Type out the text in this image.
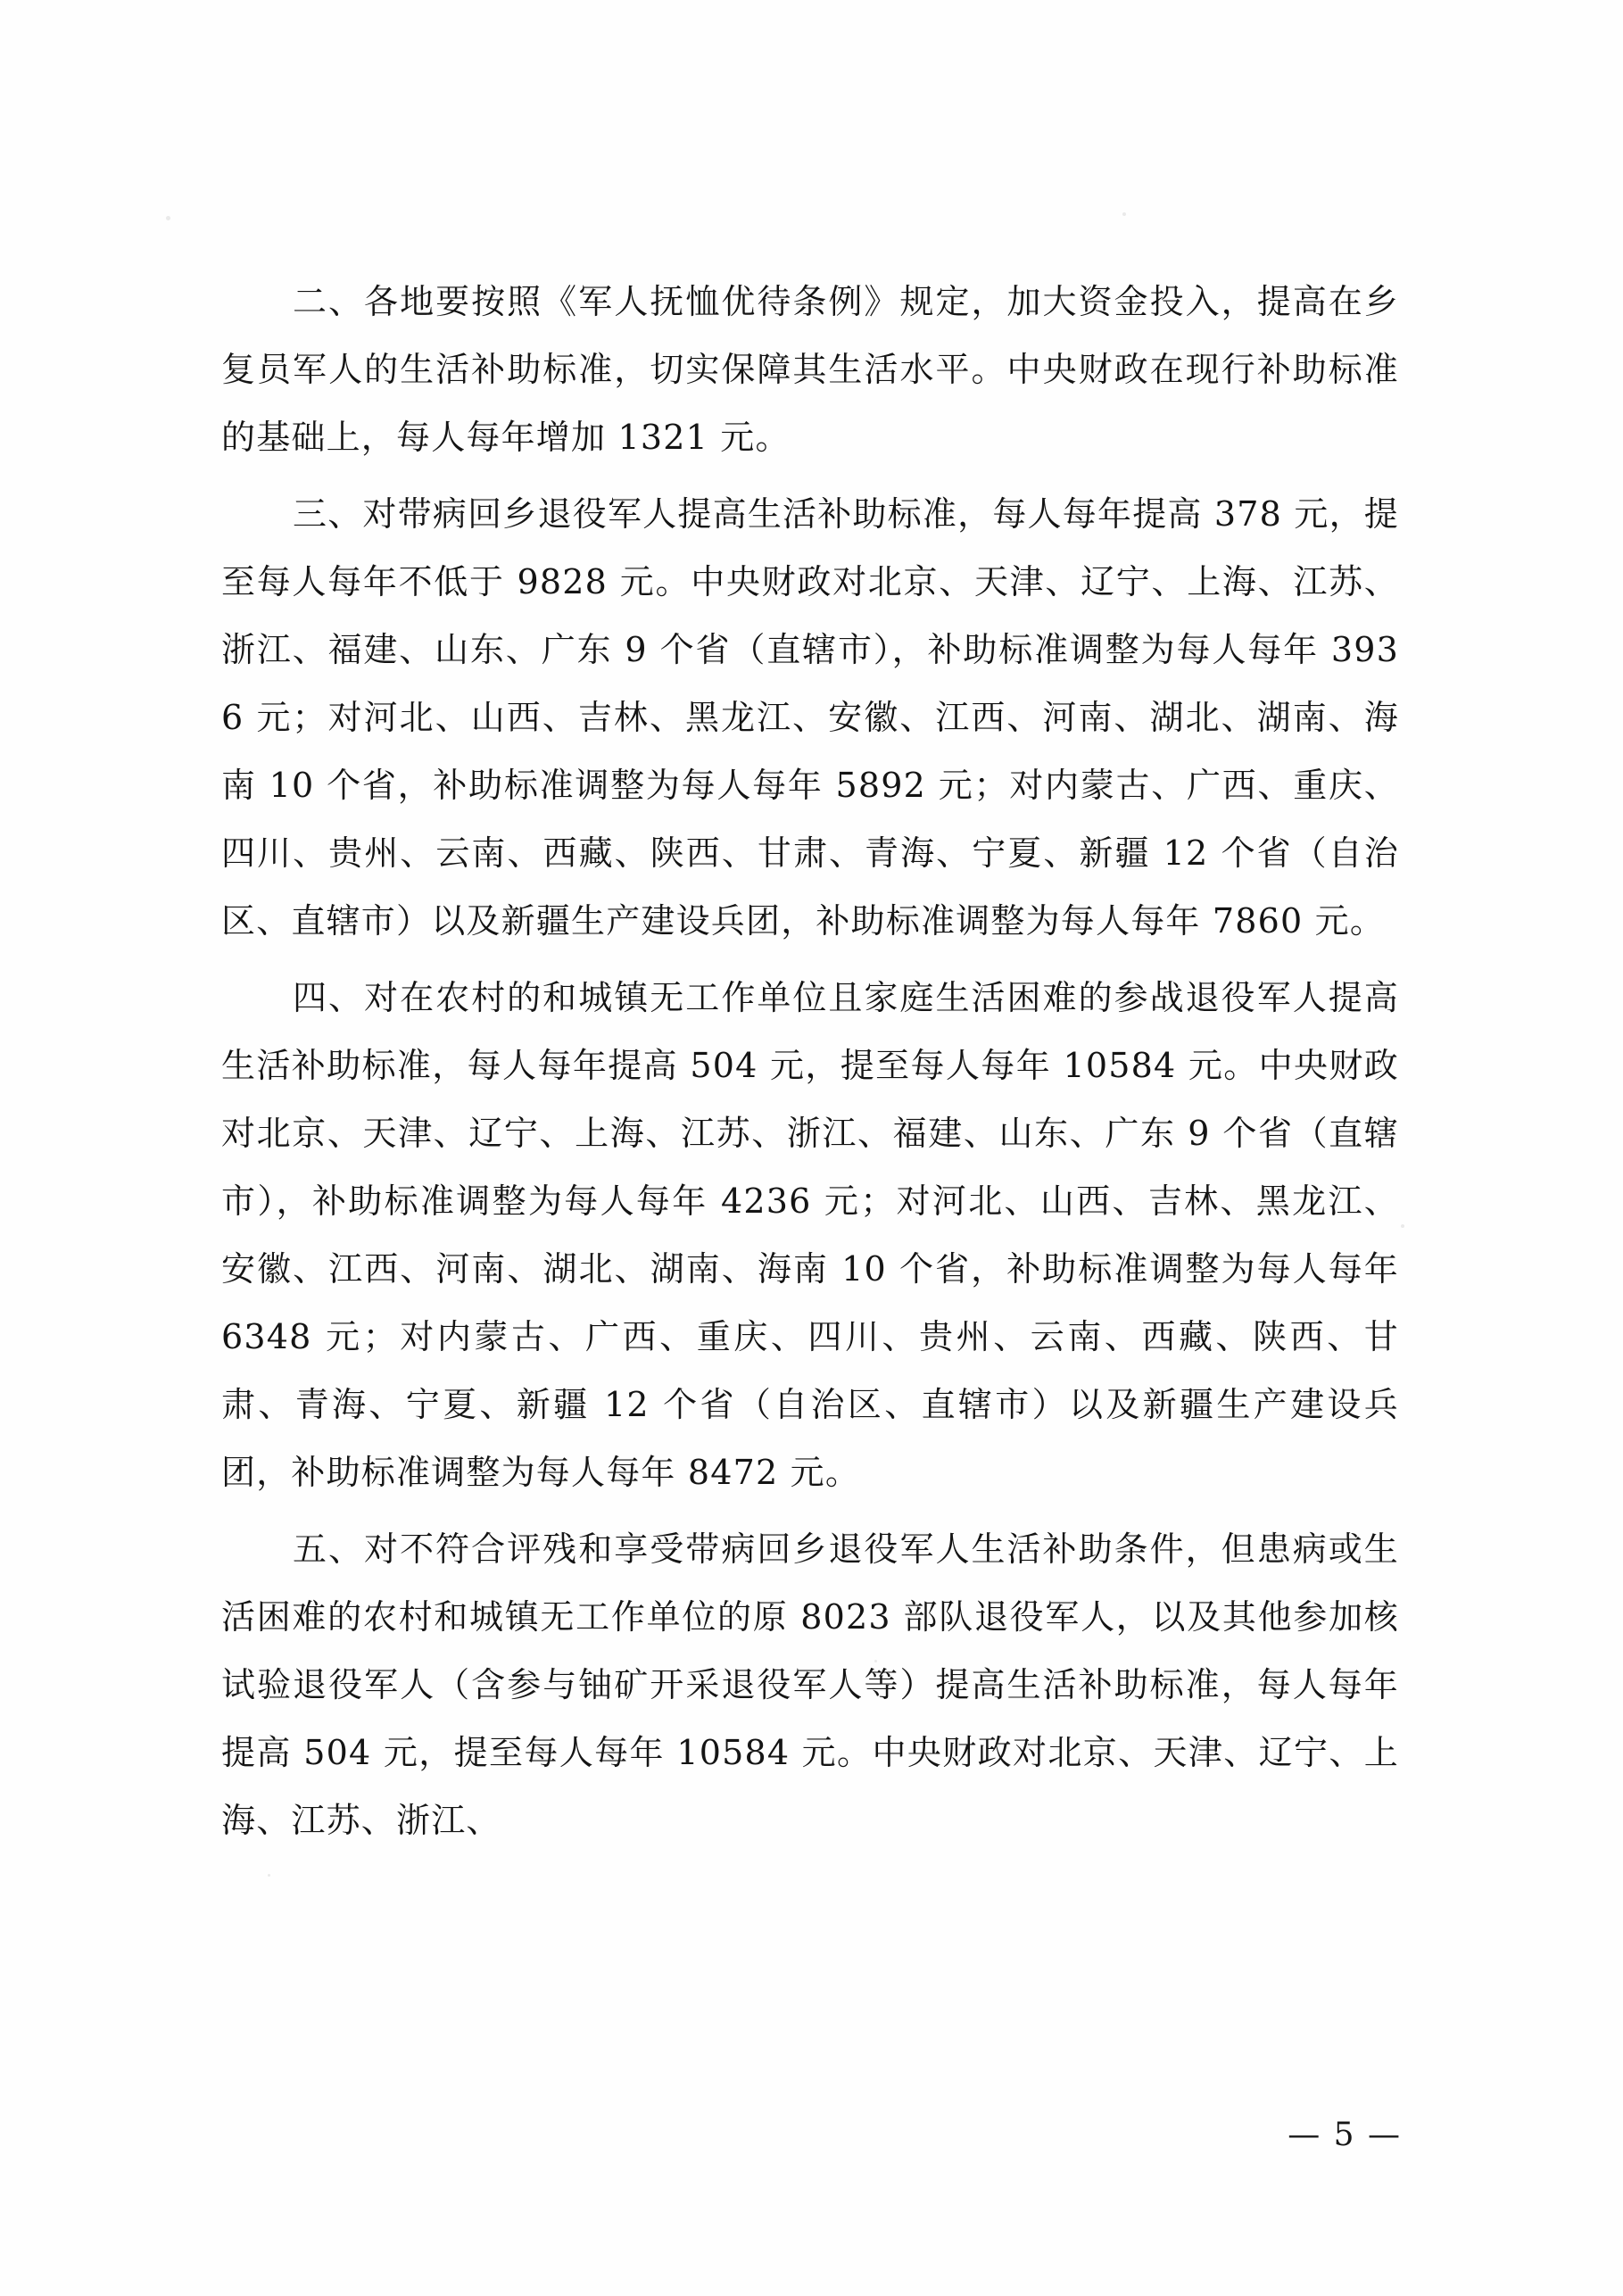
二、各地要按照《军人抚恤优待条例》规定，加大资金投入，提高在乡复员军人的生活补助标准，切实保障其生活水平。中央财政在现行补助标准的基础上，每人每年增加 1321 元。

三、对带病回乡退役军人提高生活补助标准，每人每年提高 378 元，提至每人每年不低于 9828 元。中央财政对北京、天津、辽宁、上海、江苏、浙江、福建、山东、广东 9 个省（直辖市），补助标准调整为每人每年 3936 元；对河北、山西、吉林、黑龙江、安徽、江西、河南、湖北、湖南、海南 10 个省，补助标准调整为每人每年 5892 元；对内蒙古、广西、重庆、四川、贵州、云南、西藏、陕西、甘肃、青海、宁夏、新疆 12 个省（自治区、直辖市）以及新疆生产建设兵团，补助标准调整为每人每年 7860 元。

四、对在农村的和城镇无工作单位且家庭生活困难的参战退役军人提高生活补助标准，每人每年提高 504 元，提至每人每年 10584 元。中央财政对北京、天津、辽宁、上海、江苏、浙江、福建、山东、广东 9 个省（直辖市），补助标准调整为每人每年 4236 元；对河北、山西、吉林、黑龙江、安徽、江西、河南、湖北、湖南、海南 10 个省，补助标准调整为每人每年 6348 元；对内蒙古、广西、重庆、四川、贵州、云南、西藏、陕西、甘肃、青海、宁夏、新疆 12 个省（自治区、直辖市）以及新疆生产建设兵团，补助标准调整为每人每年 8472 元。

五、对不符合评残和享受带病回乡退役军人生活补助条件，但患病或生活困难的农村和城镇无工作单位的原 8023 部队退役军人，以及其他参加核试验退役军人（含参与铀矿开采退役军人等）提高生活补助标准，每人每年提高 504 元，提至每人每年 10584 元。中央财政对北京、天津、辽宁、上海、江苏、浙江、

— 5 —
